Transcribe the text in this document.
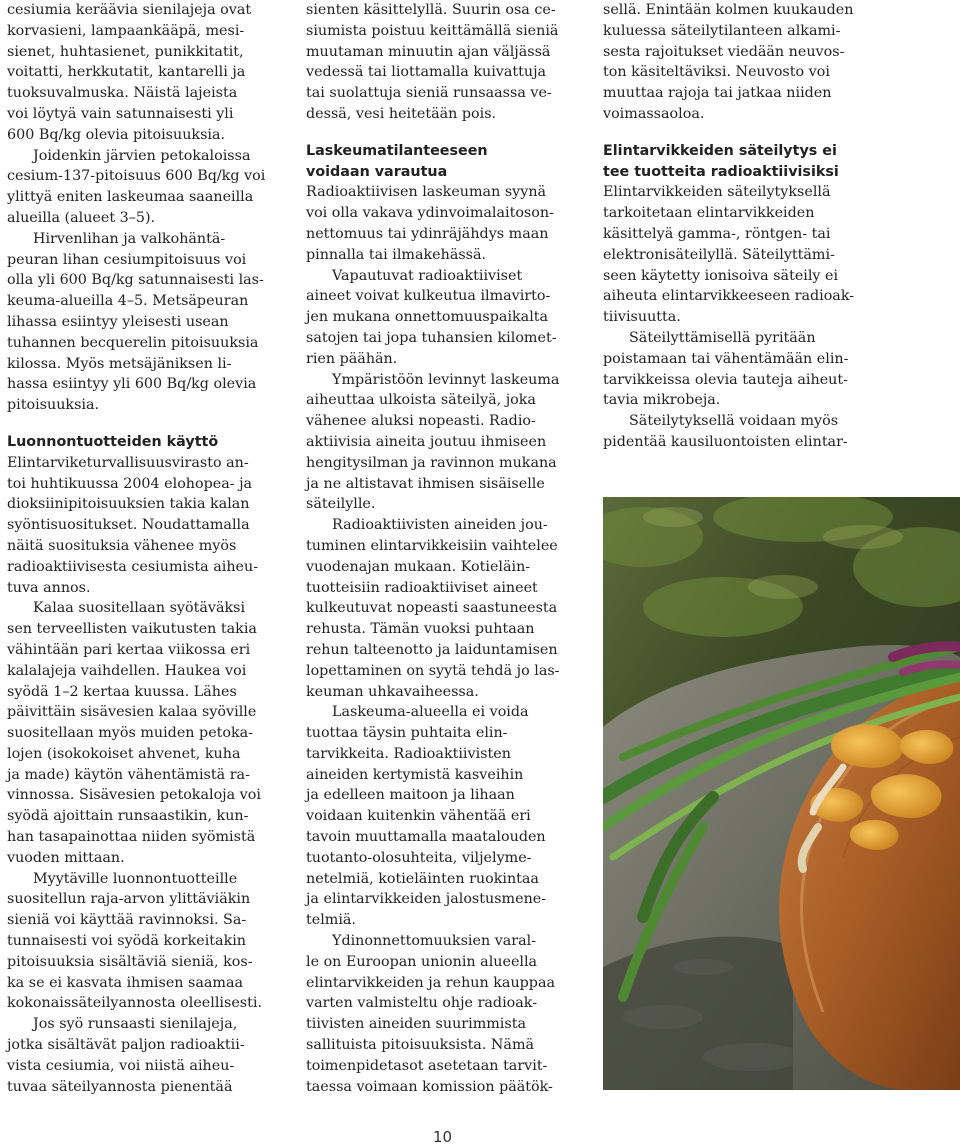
cesiumia keräävia sienilajeja ovat
korvasieni, lampaankääpä, mesi-
sienet, huhtasienet, punikkitatit,
voitatti, herkkutatit, kantarelli ja
tuoksuvalmuska. Näistä lajeista
voi löytyä vain satunnaisesti yli
600 Bq/kg olevia pitoisuuksia.

Joidenkin järvien petokaloissa
cesium-137-pitoisuus 600 Bq/kg voi
ylittyä eniten laskeumaa saaneilla
alueilla (alueet 3–5).

Hirvenlihan ja valkohäntä-
peuran lihan cesiumpitoisuus voi
olla yli 600 Bq/kg satunnaisesti las-
keuma-alueilla 4–5. Metsäpeuran
lihassa esiintyy yleisesti usean
tuhannen becquerelin pitoisuuksia
kilossa. Myös metsäjäniksen li-
hassa esiintyy yli 600 Bq/kg olevia
pitoisuuksia.

Luonnontuotteiden käyttö

Elintarviketurvallisuusvirasto an-
toi huhtikuussa 2004 elohopea- ja
dioksiinipitoisuuksien takia kalan
syöntisuositukset. Noudattamalla
näitä suosituksia vähenee myös
radioaktiivisesta cesiumista aiheu-
tuva annos.

Kalaa suositellaan syötäväksi
sen terveellisten vaikutusten takia
vähintään pari kertaa viikossa eri
kalalajeja vaihdellen. Haukea voi
syödä 1–2 kertaa kuussa. Lähes
päivittäin sisävesien kalaa syöville
suositellaan myös muiden petoka-
lojen (isokokoiset ahvenet, kuha
ja made) käytön vähentämistä ra-
vinnossa. Sisävesien petokaloja voi
syödä ajoittain runsaastikin, kun-
han tasapainottaa niiden syömistä
vuoden mittaan.

Myytäville luonnontuotteille
suositellun raja-arvon ylittäviäkin
sieniä voi käyttää ravinnoksi. Sa-
tunnaisesti voi syödä korkeitakin
pitoisuuksia sisältäviä sieniä, kos-
ka se ei kasvata ihmisen saamaa
kokonaissäteilyannosta oleellisesti.

Jos syö runsaasti sienilajeja,
jotka sisältävät paljon radioaktii-
vista cesiumia, voi niistä aiheu-
tuvaa säteilyannosta pienentää

sienten käsittelyllä. Suurin osa ce-
siumista poistuu keittämällä sieniä
muutaman minuutin ajan väljässä
vedessä tai liottamalla kuivattuja
tai suolattuja sieniä runsaassa ve-
dessä, vesi heitetään pois.

Laskeumatilanteeseen
voidaan varautua

Radioaktiivisen laskeuman syynä
voi olla vakava ydinvoimalaitoson-
nettomuus tai ydinräjähdys maan
pinnalla tai ilmakehässä.

Vapautuvat radioaktiiviset
aineet voivat kulkeutua ilmavirto-
jen mukana onnettomuuspaikalta
satojen tai jopa tuhansien kilomet-
rien päähän.

Ympäristöön levinnyt laskeuma
aiheuttaa ulkoista säteilyä, joka
vähenee aluksi nopeasti. Radio-
aktiivisia aineita joutuu ihmiseen
hengitysilman ja ravinnon mukana
ja ne altistavat ihmisen sisäiselle
säteilylle.

Radioaktiivisten aineiden jou-
tuminen elintarvikkeisiin vaihtelee
vuodenajan mukaan. Kotieläin-
tuotteisiin radioaktiiviset aineet
kulkeutuvat nopeasti saastuneesta
rehusta. Tämän vuoksi puhtaan
rehun talteenotto ja laiduntamisen
lopettaminen on syytä tehdä jo las-
keuman uhkavaiheessa.

Laskeuma-alueella ei voida
tuottaa täysin puhtaita elin-
tarvikkeita. Radioaktiivisten
aineiden kertymistä kasveihin
ja edelleen maitoon ja lihaan
voidaan kuitenkin vähentää eri
tavoin muuttamalla maatalouden
tuotanto-olosuhteita, viljelyme-
netelmiä, kotieläinten ruokintaa
ja elintarvikkeiden jalostusmene-
telmiä.

Ydinonnettomuuksien varal-
le on Euroopan unionin alueella
elintarvikkeiden ja rehun kauppaa
varten valmisteltu ohje radioak-
tiivisten aineiden suurimmista
sallituista pitoisuuksista. Nämä
toimenpidetasot asetetaan tarvit-
taessa voimaan komission päätök-

sellä. Enintään kolmen kuukauden
kuluessa säteilytilanteen alkami-
sesta rajoitukset viedään neuvos-
ton käsiteltäviksi. Neuvosto voi
muuttaa rajoja tai jatkaa niiden
voimassaoloa.

Elintarvikkeiden säteilytys ei
tee tuotteita radioaktiivisiksi

Elintarvikkeiden säteilytyksellä
tarkoitetaan elintarvikkeiden
käsittelyä gamma-, röntgen- tai
elektronisäteilyllä. Säteilyttämi-
seen käytetty ionisoiva säteily ei
aiheuta elintarvikkeeseen radioak-
tiivisuutta.

Säteilyttämisellä pyritään
poistamaan tai vähentämään elin-
tarvikkeissa olevia tauteja aiheut-
tavia mikrobeja.

Säteilytyksellä voidaan myös
pidentää kausiluontoisten elintar-

10
